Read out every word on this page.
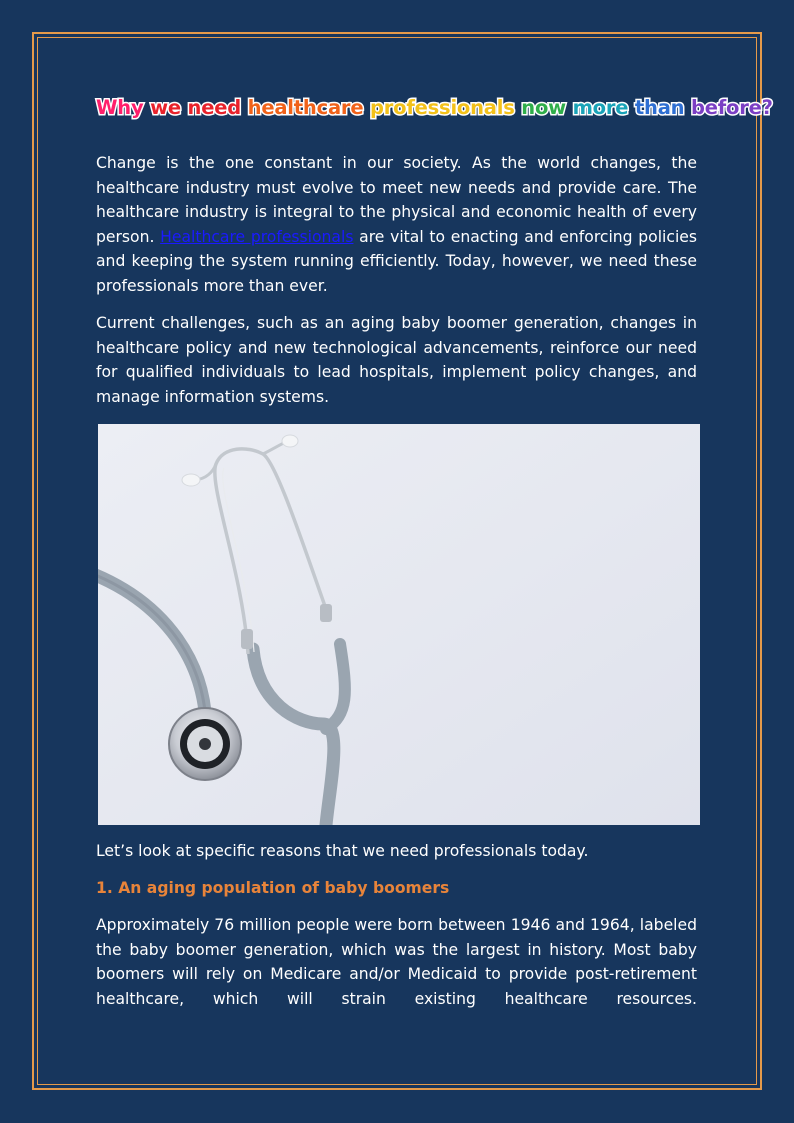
Why we need healthcare professionals now more than before?

Change is the one constant in our society. As the world changes, the healthcare industry must evolve to meet new needs and provide care. The healthcare industry is integral to the physical and economic health of every person. Healthcare professionals are vital to enacting and enforcing policies and keeping the system running efficiently. Today, however, we need these professionals more than ever.

Current challenges, such as an aging baby boomer generation, changes in healthcare policy and new technological advancements, reinforce our need for qualified individuals to lead hospitals, implement policy changes, and manage information systems.

Let’s look at specific reasons that we need professionals today.

1. An aging population of baby boomers

Approximately 76 million people were born between 1946 and 1964, labeled the baby boomer generation, which was the largest in history. Most baby boomers will rely on Medicare and/or Medicaid to provide post-retirement healthcare, which will strain existing healthcare resources.
